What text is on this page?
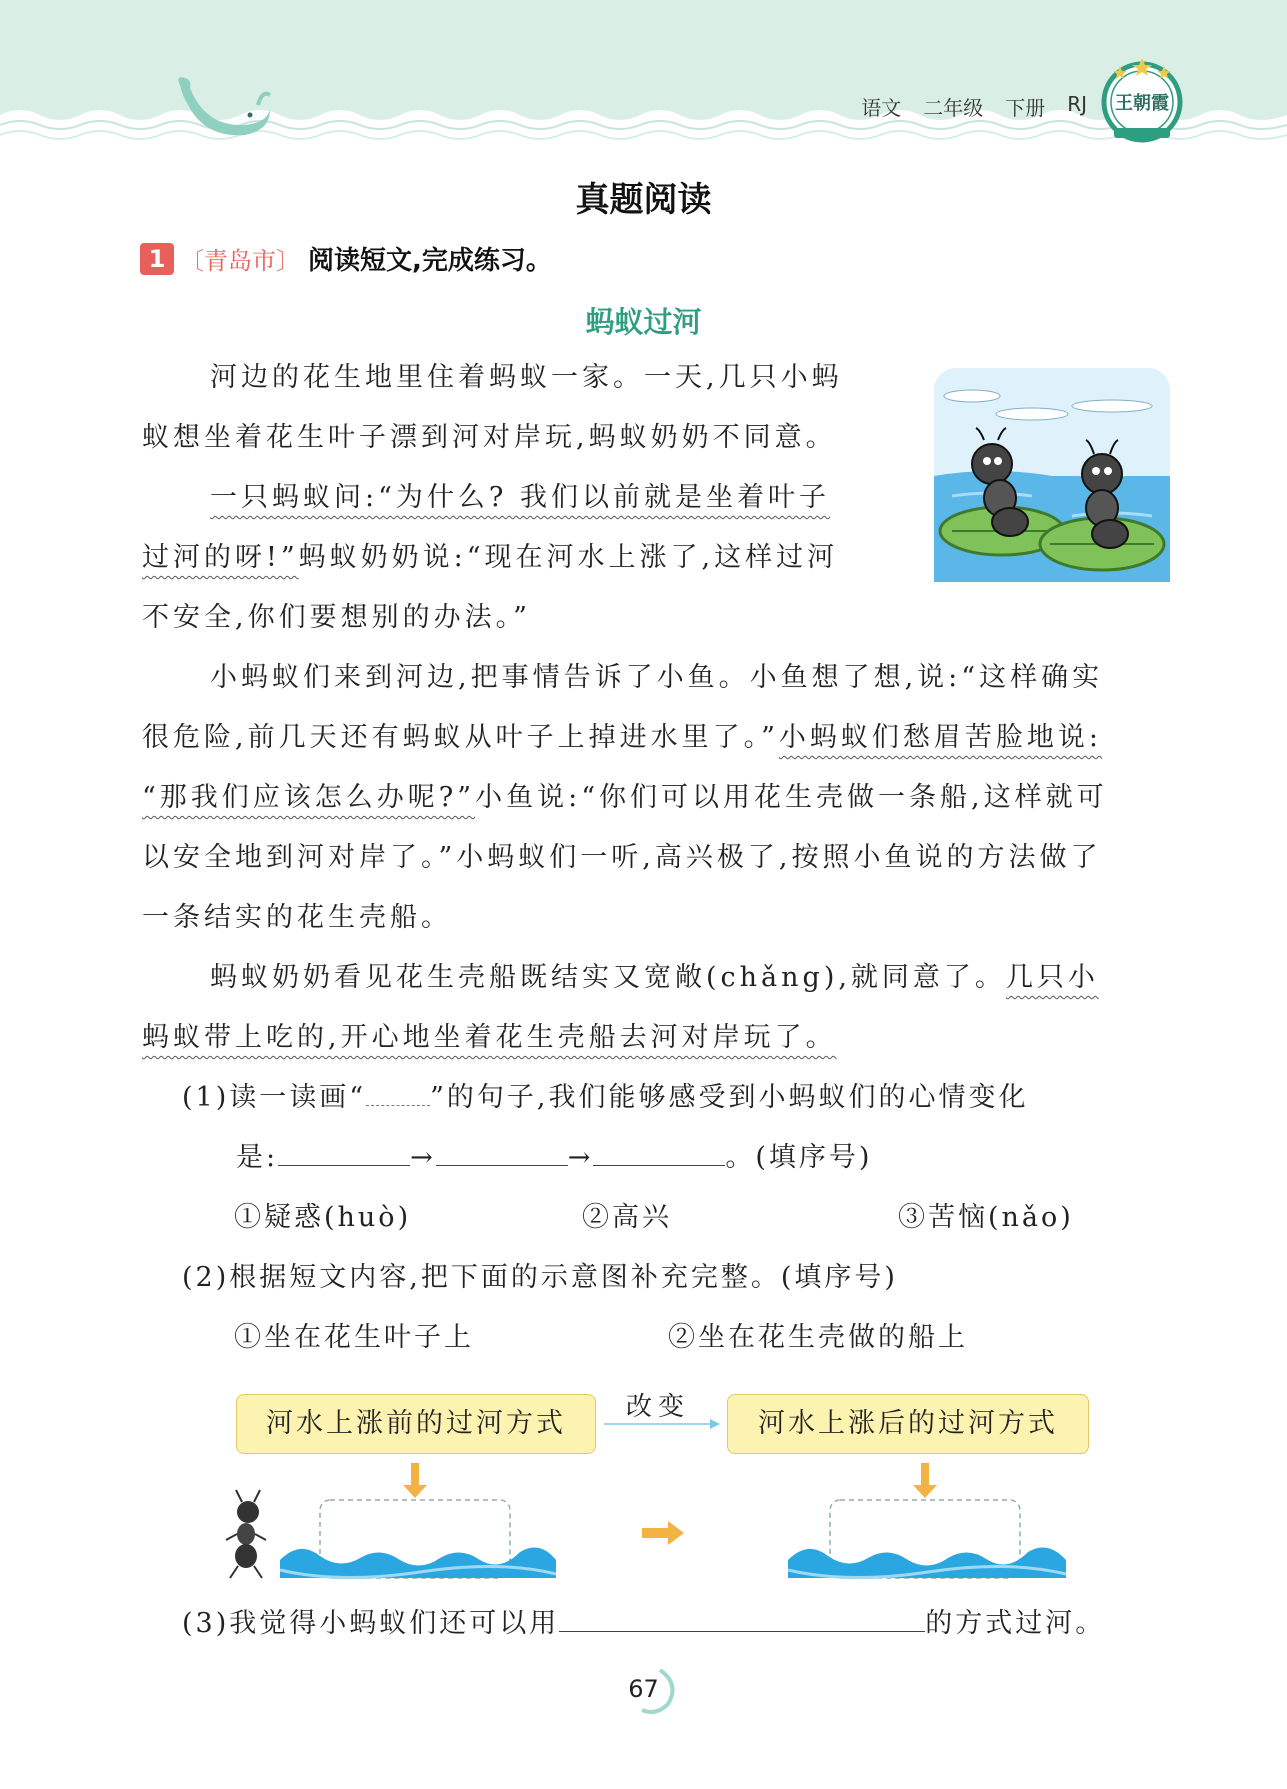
语文 二年级 下册 RJ 王朝霞
真题阅读
1 〔青岛市〕 阅读短文,完成练习。
蚂蚁过河
河边的花生地里住着蚂蚁一家。一天,几只小蚂
蚁想坐着花生叶子漂到河对岸玩,蚂蚁奶奶不同意。
一只蚂蚁问:“为什么? 我们以前就是坐着叶子
过河的呀!”蚂蚁奶奶说:“现在河水上涨了,这样过河
不安全,你们要想别的办法。”
小蚂蚁们来到河边,把事情告诉了小鱼。小鱼想了想,说:“这样确实
很危险,前几天还有蚂蚁从叶子上掉进水里了。”小蚂蚁们愁眉苦脸地说:
“那我们应该怎么办呢?”小鱼说:“你们可以用花生壳做一条船,这样就可
以安全地到河对岸了。”小蚂蚁们一听,高兴极了,按照小鱼说的方法做了
一条结实的花生壳船。
蚂蚁奶奶看见花生壳船既结实又宽敞(chǎng),就同意了。几只小
蚂蚁带上吃的,开心地坐着花生壳船去河对岸玩了。
(1)读一读画“ ”的句子,我们能够感受到小蚂蚁们的心情变化
是:	→	→	。(填序号)
①疑惑(huò)	②高兴	③苦恼(nǎo)
(2)根据短文内容,把下面的示意图补充完整。(填序号)
①坐在花生叶子上	②坐在花生壳做的船上
河水上涨前的过河方式	河水上涨后的过河方式
改变
(3)我觉得小蚂蚁们还可以用	的方式过河。
67
